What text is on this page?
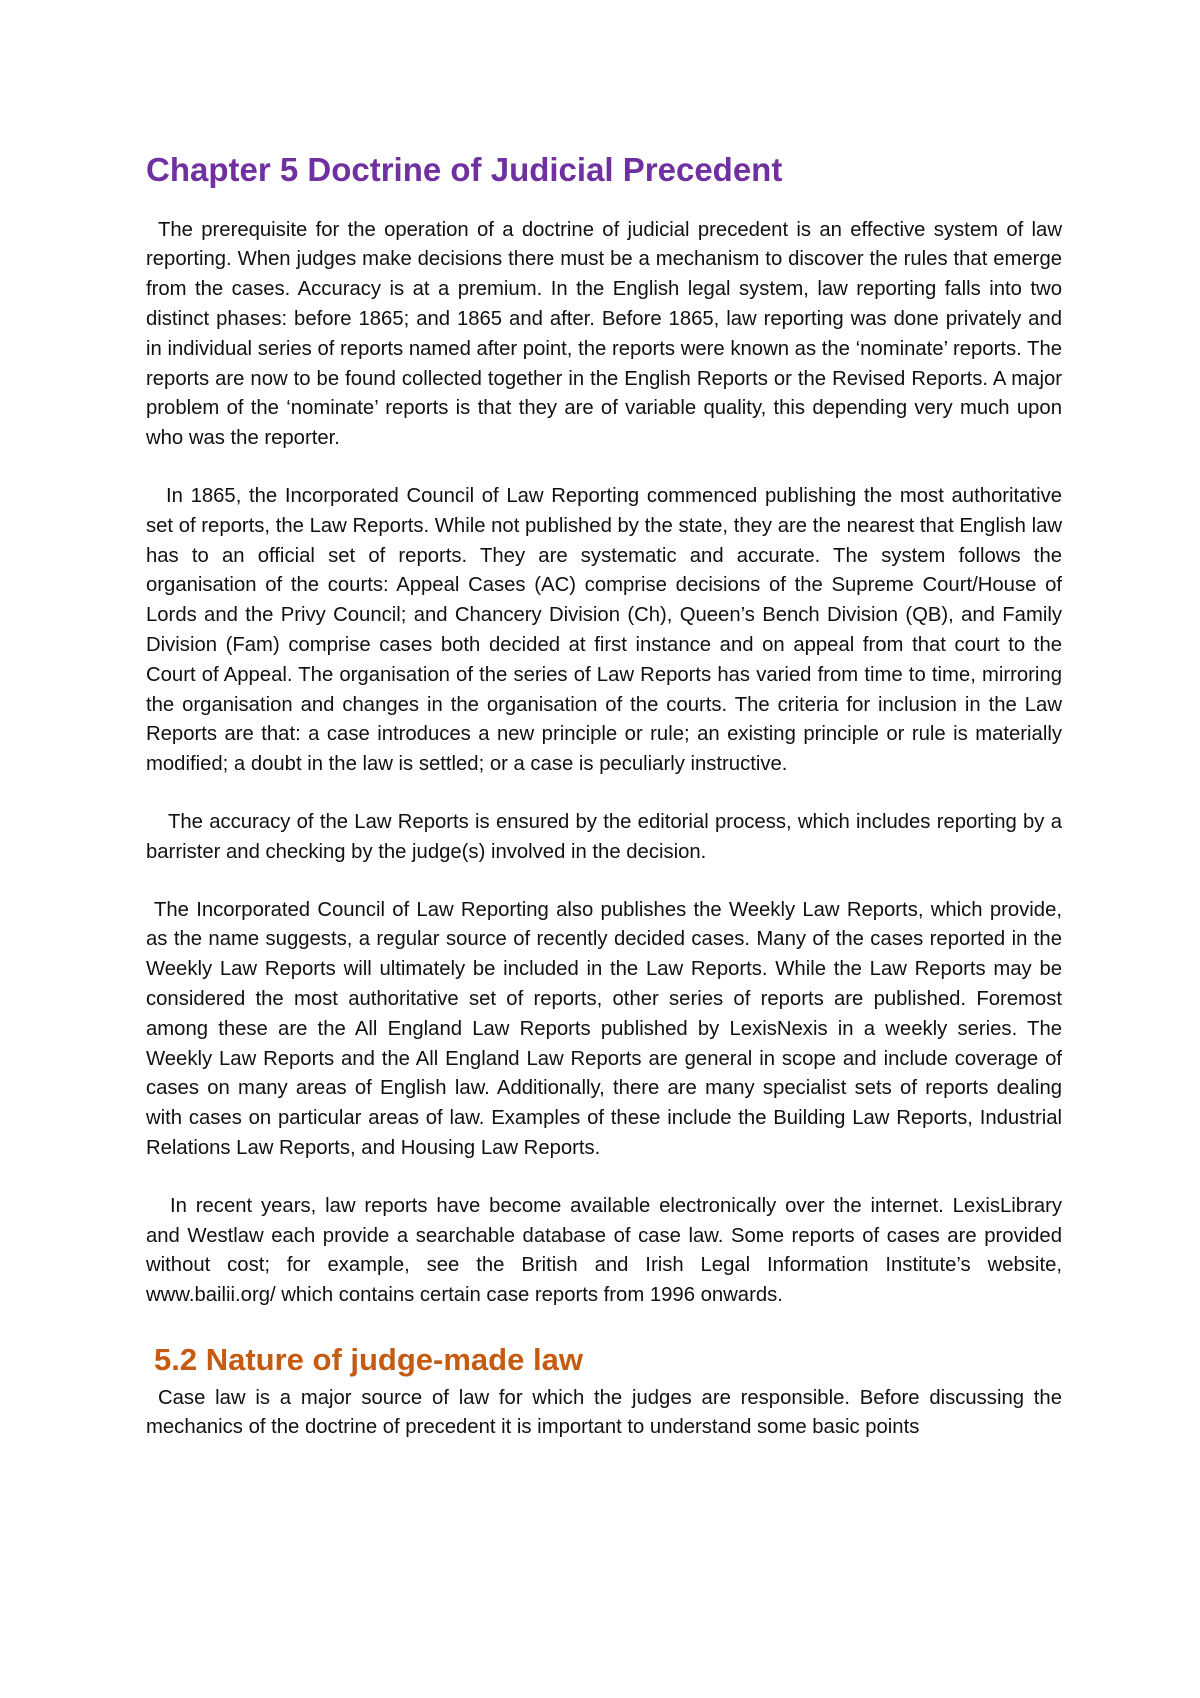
Chapter 5 Doctrine of Judicial Precedent

The prerequisite for the operation of a doctrine of judicial precedent is an effective system of law reporting. When judges make decisions there must be a mechanism to discover the rules that emerge from the cases. Accuracy is at a premium. In the English legal system, law reporting falls into two distinct phases: before 1865; and 1865 and after. Before 1865, law reporting was done privately and in individual series of reports named after point, the reports were known as the ‘nominate’ reports. The reports are now to be found collected together in the English Reports or the Revised Reports. A major problem of the ‘nominate’ reports is that they are of variable quality, this depending very much upon who was the reporter.

In 1865, the Incorporated Council of Law Reporting commenced publishing the most authoritative set of reports, the Law Reports. While not published by the state, they are the nearest that English law has to an official set of reports. They are systematic and accurate. The system follows the organisation of the courts: Appeal Cases (AC) comprise decisions of the Supreme Court/House of Lords and the Privy Council; and Chancery Division (Ch), Queen’s Bench Division (QB), and Family Division (Fam) comprise cases both decided at first instance and on appeal from that court to the Court of Appeal. The organisation of the series of Law Reports has varied from time to time, mirroring the organisation and changes in the organisation of the courts. The criteria for inclusion in the Law Reports are that: a case introduces a new principle or rule; an existing principle or rule is materially modified; a doubt in the law is settled; or a case is peculiarly instructive.

The accuracy of the Law Reports is ensured by the editorial process, which includes reporting by a barrister and checking by the judge(s) involved in the decision.

The Incorporated Council of Law Reporting also publishes the Weekly Law Reports, which provide, as the name suggests, a regular source of recently decided cases. Many of the cases reported in the Weekly Law Reports will ultimately be included in the Law Reports. While the Law Reports may be considered the most authoritative set of reports, other series of reports are published. Foremost among these are the All England Law Reports published by LexisNexis in a weekly series. The Weekly Law Reports and the All England Law Reports are general in scope and include coverage of cases on many areas of English law. Additionally, there are many specialist sets of reports dealing with cases on particular areas of law. Examples of these include the Building Law Reports, Industrial Relations Law Reports, and Housing Law Reports.

In recent years, law reports have become available electronically over the internet. LexisLibrary and Westlaw each provide a searchable database of case law. Some reports of cases are provided without cost; for example, see the British and Irish Legal Information Institute’s website, www.bailii.org/ which contains certain case reports from 1996 onwards.

5.2 Nature of judge-made law

Case law is a major source of law for which the judges are responsible. Before discussing the mechanics of the doctrine of precedent it is important to understand some basic points
